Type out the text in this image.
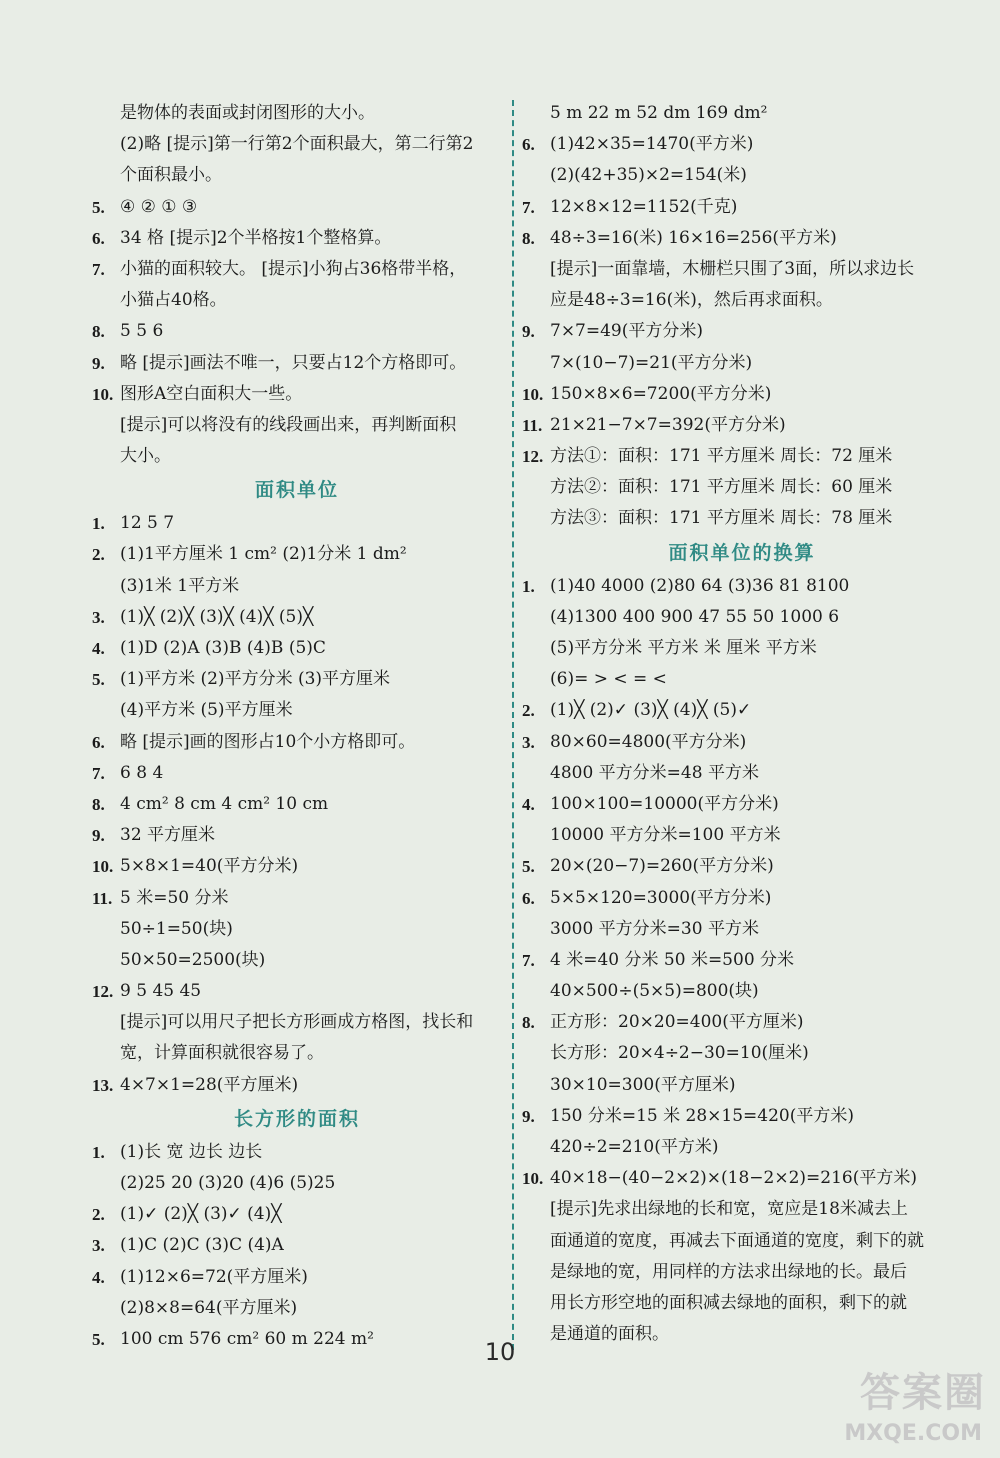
是物体的表面或封闭图形的大小。
(2)略 [提示]第一行第2个面积最大，第二行第2
个面积最小。
5. ④ ② ① ③
6. 34 格 [提示]2个半格按1个整格算。
7. 小猫的面积较大。 [提示]小狗占36格带半格，
小猫占40格。
8. 5 5 6
9. 略 [提示]画法不唯一，只要占12个方格即可。
10. 图形A空白面积大一些。
[提示]可以将没有的线段画出来，再判断面积
大小。
面积单位
1. 12 5 7
2. (1)1平方厘米 1 cm² (2)1分米 1 dm²
(3)1米 1平方米
3. (1)╳ (2)╳ (3)╳ (4)╳ (5)╳
4. (1)D (2)A (3)B (4)B (5)C
5. (1)平方米 (2)平方分米 (3)平方厘米
(4)平方米 (5)平方厘米
6. 略 [提示]画的图形占10个小方格即可。
7. 6 8 4
8. 4 cm² 8 cm 4 cm² 10 cm
9. 32 平方厘米
10. 5×8×1=40(平方分米)
11. 5 米=50 分米
50÷1=50(块)
50×50=2500(块)
12. 9 5 45 45
[提示]可以用尺子把长方形画成方格图，找长和
宽，计算面积就很容易了。
13. 4×7×1=28(平方厘米)
长方形的面积
1. (1)长 宽 边长 边长
(2)25 20 (3)20 (4)6 (5)25
2. (1)✓ (2)╳ (3)✓ (4)╳
3. (1)C (2)C (3)C (4)A
4. (1)12×6=72(平方厘米)
(2)8×8=64(平方厘米)
5. 100 cm 576 cm² 60 m 224 m²
5 m 22 m 52 dm 169 dm²
6. (1)42×35=1470(平方米)
(2)(42+35)×2=154(米)
7. 12×8×12=1152(千克)
8. 48÷3=16(米) 16×16=256(平方米)
[提示]一面靠墙，木栅栏只围了3面，所以求边长
应是48÷3=16(米)，然后再求面积。
9. 7×7=49(平方分米)
7×(10−7)=21(平方分米)
10. 150×8×6=7200(平方分米)
11. 21×21−7×7=392(平方分米)
12. 方法①：面积：171 平方厘米 周长：72 厘米
方法②：面积：171 平方厘米 周长：60 厘米
方法③：面积：171 平方厘米 周长：78 厘米
面积单位的换算
1. (1)40 4000 (2)80 64 (3)36 81 8100
(4)1300 400 900 47 55 50 1000 6
(5)平方分米 平方米 米 厘米 平方米
(6)= > < = <
2. (1)╳ (2)✓ (3)╳ (4)╳ (5)✓
3. 80×60=4800(平方分米)
4800 平方分米=48 平方米
4. 100×100=10000(平方分米)
10000 平方分米=100 平方米
5. 20×(20−7)=260(平方分米)
6. 5×5×120=3000(平方分米)
3000 平方分米=30 平方米
7. 4 米=40 分米 50 米=500 分米
40×500÷(5×5)=800(块)
8. 正方形：20×20=400(平方厘米)
长方形：20×4÷2−30=10(厘米)
30×10=300(平方厘米)
9. 150 分米=15 米 28×15=420(平方米)
420÷2=210(平方米)
10. 40×18−(40−2×2)×(18−2×2)=216(平方米)
[提示]先求出绿地的长和宽，宽应是18米减去上
面通道的宽度，再减去下面通道的宽度，剩下的就
是绿地的宽，用同样的方法求出绿地的长。最后
用长方形空地的面积减去绿地的面积，剩下的就
是通道的面积。
10
答案圈
MXQE.COM
